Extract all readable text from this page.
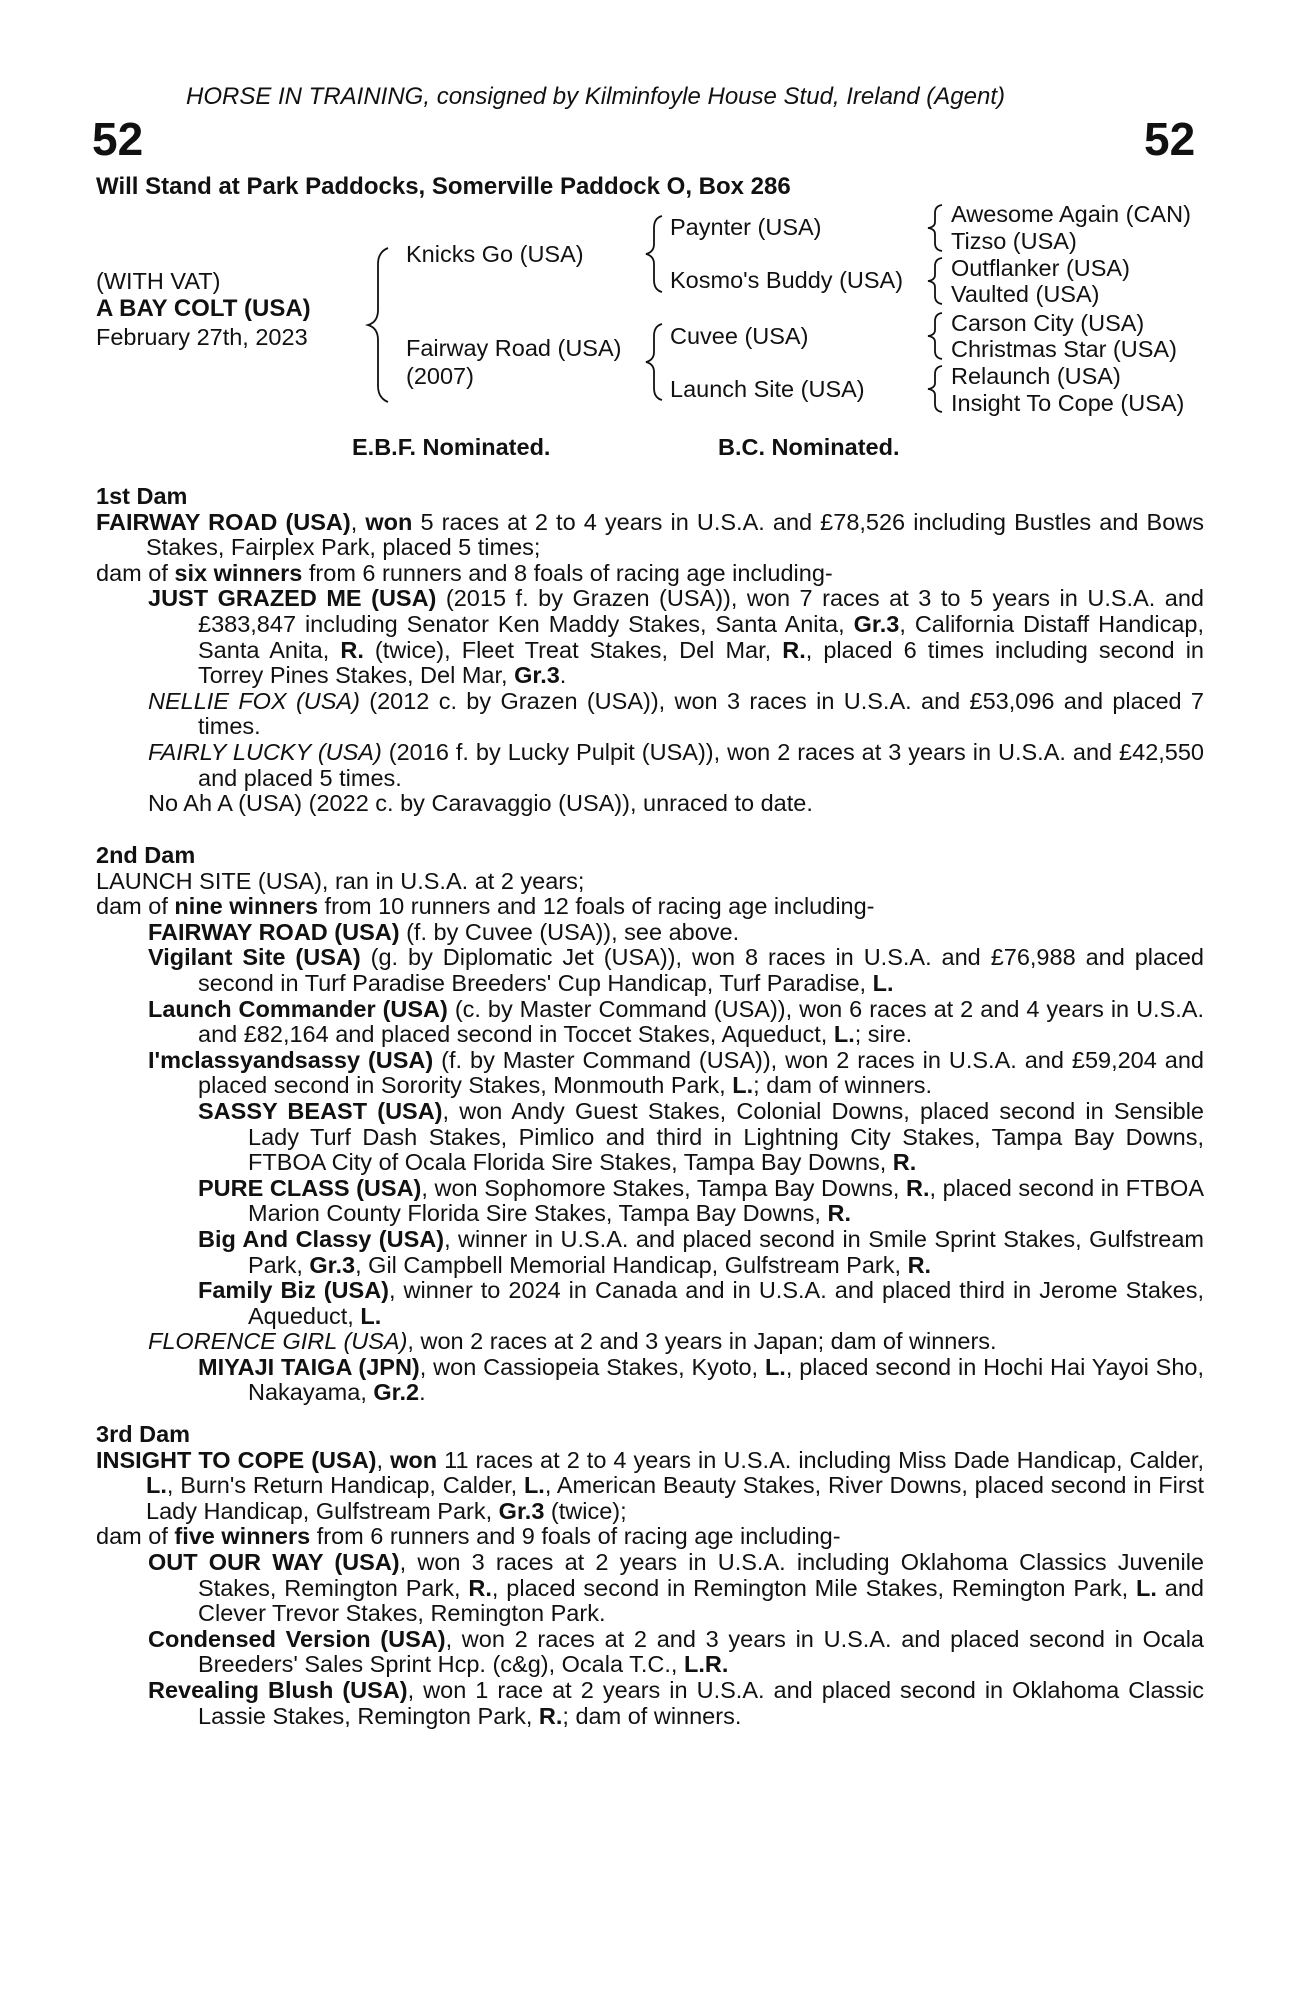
HORSE IN TRAINING, consigned by Kilminfoyle House Stud, Ireland (Agent)
52	52
Will Stand at Park Paddocks, Somerville Paddock O, Box 286
(WITH VAT)
A BAY COLT (USA)
February 27th, 2023
Knicks Go (USA)
Fairway Road (USA)
(2007)
Paynter (USA)
Kosmo's Buddy (USA)
Cuvee (USA)
Launch Site (USA)
Awesome Again (CAN)
Tizso (USA)
Outflanker (USA)
Vaulted (USA)
Carson City (USA)
Christmas Star (USA)
Relaunch (USA)
Insight To Cope (USA)
E.B.F. Nominated.	B.C. Nominated.
1st Dam
FAIRWAY ROAD (USA), won 5 races at 2 to 4 years in U.S.A. and £78,526 including Bustles and Bows Stakes, Fairplex Park, placed 5 times;
dam of six winners from 6 runners and 8 foals of racing age including-
JUST GRAZED ME (USA) (2015 f. by Grazen (USA)), won 7 races at 3 to 5 years in U.S.A. and £383,847 including Senator Ken Maddy Stakes, Santa Anita, Gr.3, California Distaff Handicap, Santa Anita, R. (twice), Fleet Treat Stakes, Del Mar, R., placed 6 times including second in Torrey Pines Stakes, Del Mar, Gr.3.
NELLIE FOX (USA) (2012 c. by Grazen (USA)), won 3 races in U.S.A. and £53,096 and placed 7 times.
FAIRLY LUCKY (USA) (2016 f. by Lucky Pulpit (USA)), won 2 races at 3 years in U.S.A. and £42,550 and placed 5 times.
No Ah A (USA) (2022 c. by Caravaggio (USA)), unraced to date.
2nd Dam
LAUNCH SITE (USA), ran in U.S.A. at 2 years;
dam of nine winners from 10 runners and 12 foals of racing age including-
FAIRWAY ROAD (USA) (f. by Cuvee (USA)), see above.
Vigilant Site (USA) (g. by Diplomatic Jet (USA)), won 8 races in U.S.A. and £76,988 and placed second in Turf Paradise Breeders' Cup Handicap, Turf Paradise, L.
Launch Commander (USA) (c. by Master Command (USA)), won 6 races at 2 and 4 years in U.S.A. and £82,164 and placed second in Toccet Stakes, Aqueduct, L.; sire.
I'mclassyandsassy (USA) (f. by Master Command (USA)), won 2 races in U.S.A. and £59,204 and placed second in Sorority Stakes, Monmouth Park, L.; dam of winners.
SASSY BEAST (USA), won Andy Guest Stakes, Colonial Downs, placed second in Sensible Lady Turf Dash Stakes, Pimlico and third in Lightning City Stakes, Tampa Bay Downs, FTBOA City of Ocala Florida Sire Stakes, Tampa Bay Downs, R.
PURE CLASS (USA), won Sophomore Stakes, Tampa Bay Downs, R., placed second in FTBOA Marion County Florida Sire Stakes, Tampa Bay Downs, R.
Big And Classy (USA), winner in U.S.A. and placed second in Smile Sprint Stakes, Gulfstream Park, Gr.3, Gil Campbell Memorial Handicap, Gulfstream Park, R.
Family Biz (USA), winner to 2024 in Canada and in U.S.A. and placed third in Jerome Stakes, Aqueduct, L.
FLORENCE GIRL (USA), won 2 races at 2 and 3 years in Japan; dam of winners.
MIYAJI TAIGA (JPN), won Cassiopeia Stakes, Kyoto, L., placed second in Hochi Hai Yayoi Sho, Nakayama, Gr.2.
3rd Dam
INSIGHT TO COPE (USA), won 11 races at 2 to 4 years in U.S.A. including Miss Dade Handicap, Calder, L., Burn's Return Handicap, Calder, L., American Beauty Stakes, River Downs, placed second in First Lady Handicap, Gulfstream Park, Gr.3 (twice);
dam of five winners from 6 runners and 9 foals of racing age including-
OUT OUR WAY (USA), won 3 races at 2 years in U.S.A. including Oklahoma Classics Juvenile Stakes, Remington Park, R., placed second in Remington Mile Stakes, Remington Park, L. and Clever Trevor Stakes, Remington Park.
Condensed Version (USA), won 2 races at 2 and 3 years in U.S.A. and placed second in Ocala Breeders' Sales Sprint Hcp. (c&g), Ocala T.C., L.R.
Revealing Blush (USA), won 1 race at 2 years in U.S.A. and placed second in Oklahoma Classic Lassie Stakes, Remington Park, R.; dam of winners.
